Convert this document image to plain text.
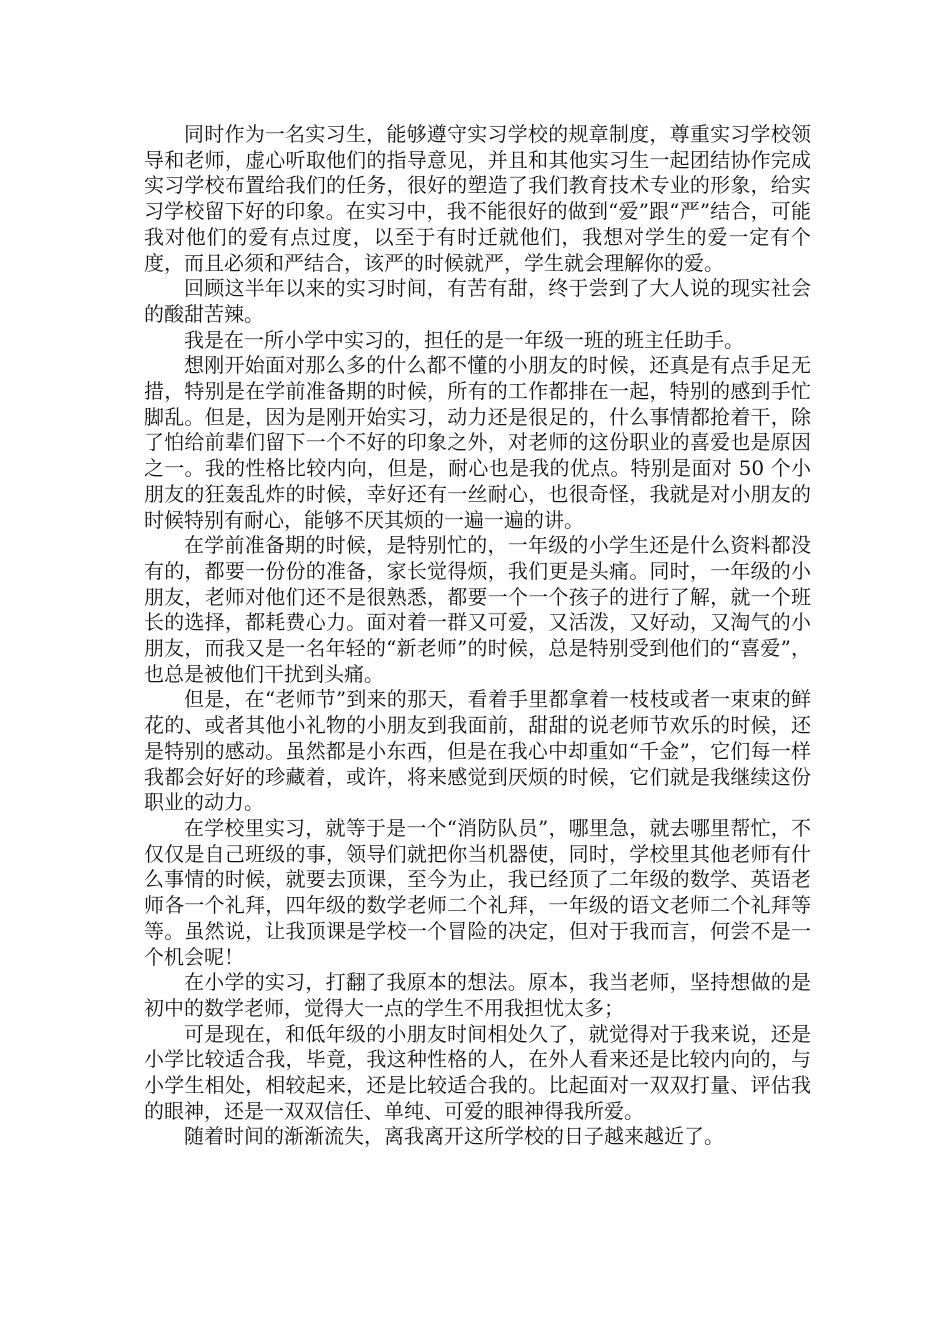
同时作为一名实习生，能够遵守实习学校的规章制度，尊重实习学校领导和老师，虚心听取他们的指导意见，并且和其他实习生一起团结协作完成实习学校布置给我们的任务，很好的塑造了我们教育技术专业的形象，给实习学校留下好的印象。在实习中，我不能很好的做到“爱”跟“严”结合，可能我对他们的爱有点过度，以至于有时迁就他们，我想对学生的爱一定有个度，而且必须和严结合，该严的时候就严，学生就会理解你的爱。

回顾这半年以来的实习时间，有苦有甜，终于尝到了大人说的现实社会的酸甜苦辣。

我是在一所小学中实习的，担任的是一年级一班的班主任助手。

想刚开始面对那么多的什么都不懂的小朋友的时候，还真是有点手足无措，特别是在学前准备期的时候，所有的工作都排在一起，特别的感到手忙脚乱。但是，因为是刚开始实习，动力还是很足的，什么事情都抢着干，除了怕给前辈们留下一个不好的印象之外，对老师的这份职业的喜爱也是原因之一。我的性格比较内向，但是，耐心也是我的优点。特别是面对 50 个小朋友的狂轰乱炸的时候，幸好还有一丝耐心，也很奇怪，我就是对小朋友的时候特别有耐心，能够不厌其烦的一遍一遍的讲。

在学前准备期的时候，是特别忙的，一年级的小学生还是什么资料都没有的，都要一份份的准备，家长觉得烦，我们更是头痛。同时，一年级的小朋友，老师对他们还不是很熟悉，都要一个一个孩子的进行了解，就一个班长的选择，都耗费心力。面对着一群又可爱，又活泼，又好动，又淘气的小朋友，而我又是一名年轻的“新老师”的时候，总是特别受到他们的“喜爱”，也总是被他们干扰到头痛。

但是，在“老师节”到来的那天，看着手里都拿着一枝枝或者一束束的鲜花的、或者其他小礼物的小朋友到我面前，甜甜的说老师节欢乐的时候，还是特别的感动。虽然都是小东西，但是在我心中却重如“千金”，它们每一样我都会好好的珍藏着，或许，将来感觉到厌烦的时候，它们就是我继续这份职业的动力。

在学校里实习，就等于是一个“消防队员”，哪里急，就去哪里帮忙，不仅仅是自己班级的事，领导们就把你当机器使，同时，学校里其他老师有什么事情的时候，就要去顶课，至今为止，我已经顶了二年级的数学、英语老师各一个礼拜，四年级的数学老师二个礼拜，一年级的语文老师二个礼拜等等。虽然说，让我顶课是学校一个冒险的决定，但对于我而言，何尝不是一个机会呢！

在小学的实习，打翻了我原本的想法。原本，我当老师，坚持想做的是初中的数学老师，觉得大一点的学生不用我担忧太多；

可是现在，和低年级的小朋友时间相处久了，就觉得对于我来说，还是小学比较适合我，毕竟，我这种性格的人，在外人看来还是比较内向的，与小学生相处，相较起来，还是比较适合我的。比起面对一双双打量、评估我的眼神，还是一双双信任、单纯、可爱的眼神得我所爱。

随着时间的渐渐流失，离我离开这所学校的日子越来越近了。
